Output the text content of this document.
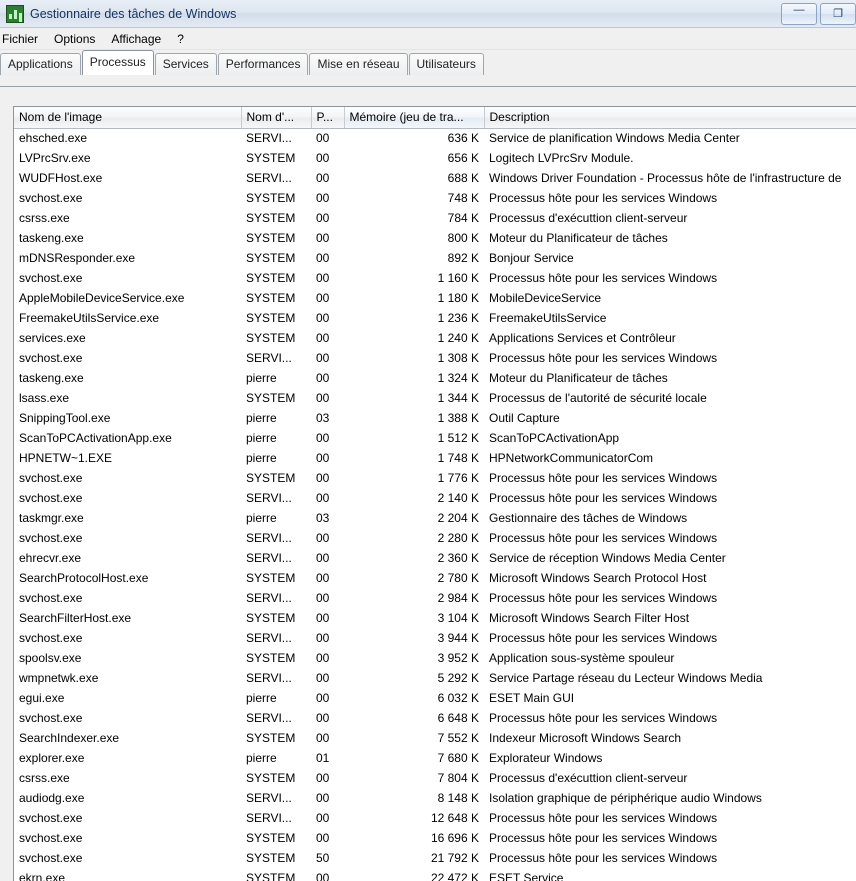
Gestionnaire des tâches de Windows	—	❐
Fichier	Options	Affichage	?
Applications	Processus	Services	Performances	Mise en réseau	Utilisateurs
Nom de l'image	Nom d'...	P...	Mémoire (jeu de tra...	Description
ehsched.exe	SERVI...	00	636 K	Service de planification Windows Media Center
LVPrcSrv.exe	SYSTEM	00	656 K	Logitech LVPrcSrv Module.
WUDFHost.exe	SERVI...	00	688 K	Windows Driver Foundation - Processus hôte de l'infrastructure de
svchost.exe	SYSTEM	00	748 K	Processus hôte pour les services Windows
csrss.exe	SYSTEM	00	784 K	Processus d'exécuttion client-serveur
taskeng.exe	SYSTEM	00	800 K	Moteur du Planificateur de tâches
mDNSResponder.exe	SYSTEM	00	892 K	Bonjour Service
svchost.exe	SYSTEM	00	1 160 K	Processus hôte pour les services Windows
AppleMobileDeviceService.exe	SYSTEM	00	1 180 K	MobileDeviceService
FreemakeUtilsService.exe	SYSTEM	00	1 236 K	FreemakeUtilsService
services.exe	SYSTEM	00	1 240 K	Applications Services et Contrôleur
svchost.exe	SERVI...	00	1 308 K	Processus hôte pour les services Windows
taskeng.exe	pierre	00	1 324 K	Moteur du Planificateur de tâches
lsass.exe	SYSTEM	00	1 344 K	Processus de l'autorité de sécurité locale
SnippingTool.exe	pierre	03	1 388 K	Outil Capture
ScanToPCActivationApp.exe	pierre	00	1 512 K	ScanToPCActivationApp
HPNETW~1.EXE	pierre	00	1 748 K	HPNetworkCommunicatorCom
svchost.exe	SYSTEM	00	1 776 K	Processus hôte pour les services Windows
svchost.exe	SERVI...	00	2 140 K	Processus hôte pour les services Windows
taskmgr.exe	pierre	03	2 204 K	Gestionnaire des tâches de Windows
svchost.exe	SERVI...	00	2 280 K	Processus hôte pour les services Windows
ehrecvr.exe	SERVI...	00	2 360 K	Service de réception Windows Media Center
SearchProtocolHost.exe	SYSTEM	00	2 780 K	Microsoft Windows Search Protocol Host
svchost.exe	SERVI...	00	2 984 K	Processus hôte pour les services Windows
SearchFilterHost.exe	SYSTEM	00	3 104 K	Microsoft Windows Search Filter Host
svchost.exe	SERVI...	00	3 944 K	Processus hôte pour les services Windows
spoolsv.exe	SYSTEM	00	3 952 K	Application sous-système spouleur
wmpnetwk.exe	SERVI...	00	5 292 K	Service Partage réseau du Lecteur Windows Media
egui.exe	pierre	00	6 032 K	ESET Main GUI
svchost.exe	SERVI...	00	6 648 K	Processus hôte pour les services Windows
SearchIndexer.exe	SYSTEM	00	7 552 K	Indexeur Microsoft Windows Search
explorer.exe	pierre	01	7 680 K	Explorateur Windows
csrss.exe	SYSTEM	00	7 804 K	Processus d'exécuttion client-serveur
audiodg.exe	SERVI...	00	8 148 K	Isolation graphique de périphérique audio Windows
svchost.exe	SERVI...	00	12 648 K	Processus hôte pour les services Windows
svchost.exe	SYSTEM	00	16 696 K	Processus hôte pour les services Windows
svchost.exe	SYSTEM	50	21 792 K	Processus hôte pour les services Windows
ekrn.exe	SYSTEM	00	22 472 K	ESET Service
